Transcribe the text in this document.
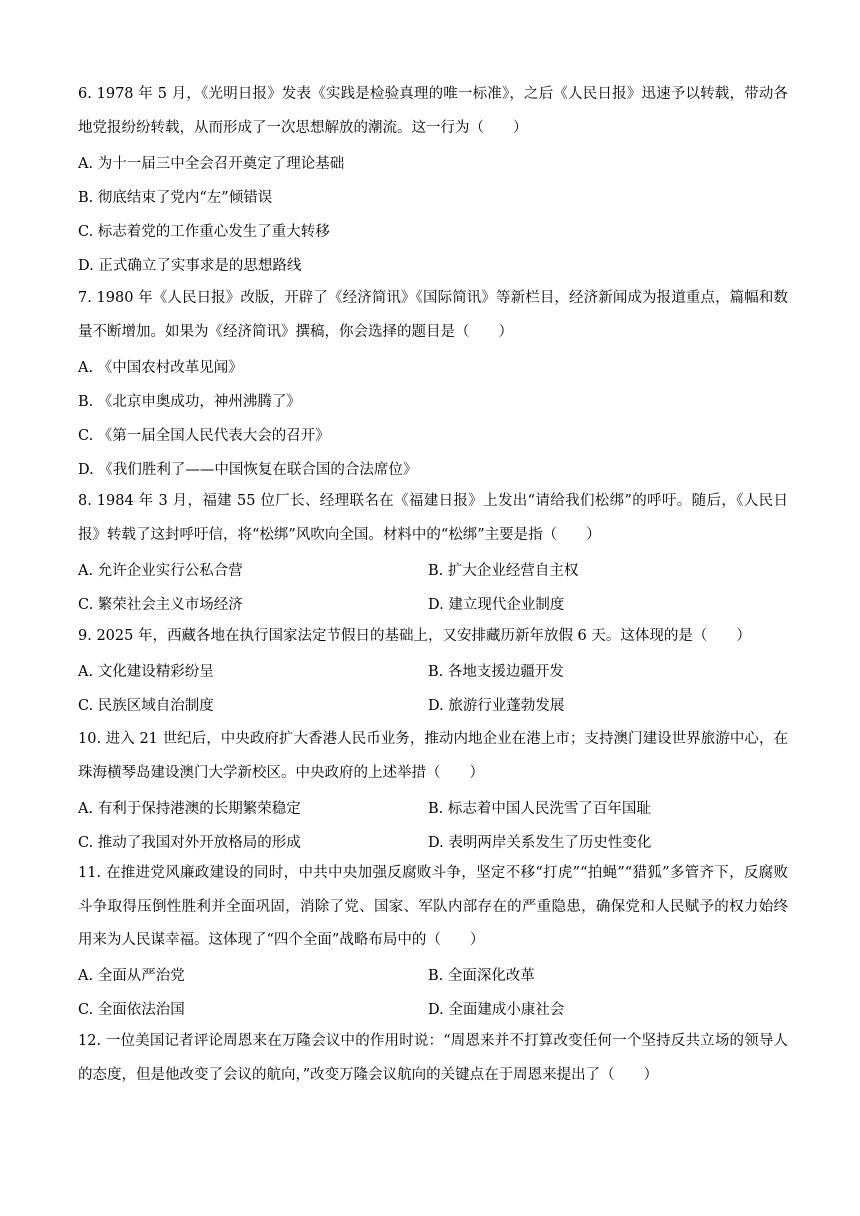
6. 1978 年 5 月，《光明日报》发表《实践是检验真理的唯一标准》，之后《人民日报》迅速予以转载，带动各地党报纷纷转载，从而形成了一次思想解放的潮流。这一行为（　　）

A. 为十一届三中全会召开奠定了理论基础
B. 彻底结束了党内“左”倾错误
C. 标志着党的工作重心发生了重大转移
D. 正式确立了实事求是的思想路线

7. 1980 年《人民日报》改版，开辟了《经济简讯》《国际简讯》等新栏目，经济新闻成为报道重点，篇幅和数量不断增加。如果为《经济简讯》撰稿，你会选择的题目是（　　）

A. 《中国农村改革见闻》
B. 《北京申奥成功，神州沸腾了》
C. 《第一届全国人民代表大会的召开》
D. 《我们胜利了——中国恢复在联合国的合法席位》

8. 1984 年 3 月，福建 55 位厂长、经理联名在《福建日报》上发出“请给我们松绑”的呼吁。随后，《人民日报》转载了这封呼吁信，将“松绑”风吹向全国。材料中的“松绑”主要是指（　　）

A. 允许企业实行公私合营	B. 扩大企业经营自主权
C. 繁荣社会主义市场经济	D. 建立现代企业制度

9. 2025 年，西藏各地在执行国家法定节假日的基础上，又安排藏历新年放假 6 天。这体现的是（　　）

A. 文化建设精彩纷呈	B. 各地支援边疆开发
C. 民族区域自治制度	D. 旅游行业蓬勃发展

10. 进入 21 世纪后，中央政府扩大香港人民币业务，推动内地企业在港上市；支持澳门建设世界旅游中心，在珠海横琴岛建设澳门大学新校区。中央政府的上述举措（　　）

A. 有利于保持港澳的长期繁荣稳定	B. 标志着中国人民洗雪了百年国耻
C. 推动了我国对外开放格局的形成	D. 表明两岸关系发生了历史性变化

11. 在推进党风廉政建设的同时，中共中央加强反腐败斗争，坚定不移“打虎”“拍蝇”“猎狐”多管齐下，反腐败斗争取得压倒性胜利并全面巩固，消除了党、国家、军队内部存在的严重隐患，确保党和人民赋予的权力始终用来为人民谋幸福。这体现了“四个全面”战略布局中的（　　）

A. 全面从严治党	B. 全面深化改革
C. 全面依法治国	D. 全面建成小康社会

12. 一位美国记者评论周恩来在万隆会议中的作用时说：“周恩来并不打算改变任何一个坚持反共立场的领导人的态度，但是他改变了会议的航向，”改变万隆会议航向的关键点在于周恩来提出了（　　）
